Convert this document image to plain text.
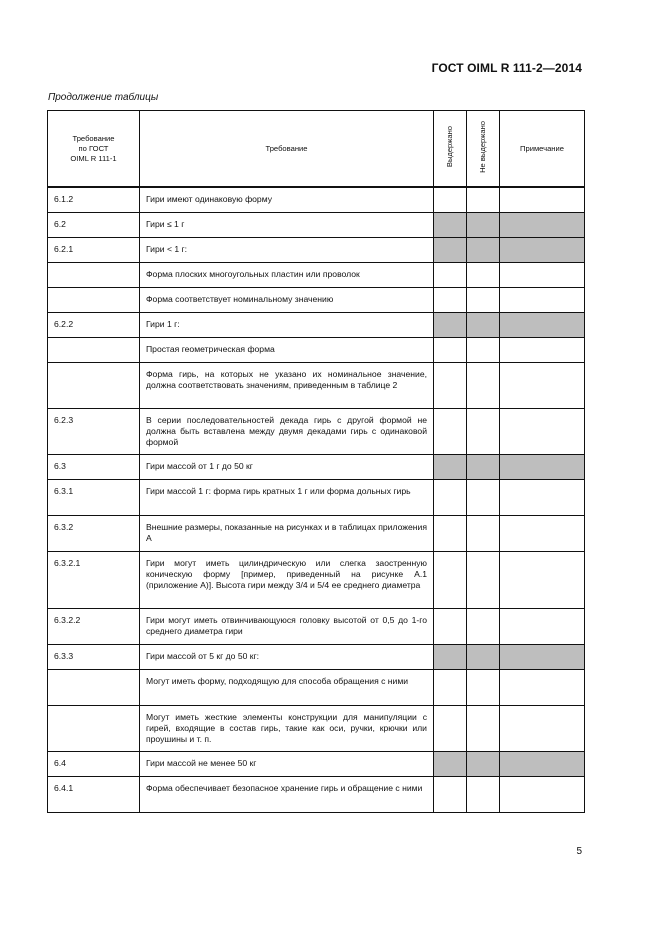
ГОСТ OIML R 111-2—2014
Продолжение таблицы
Требование
по ГОСТ
OIML R 111-1	Требование	Выдержано	Не выдержано	Примечание
6.1.2	Гири имеют одинаковую форму			
6.2	Гири ≤ 1 г			
6.2.1	Гири < 1 г:			
	Форма плоских многоугольных пластин или проволок			
	Форма соответствует номинальному значению			
6.2.2	Гири 1 г:			
	Простая геометрическая форма			
	Форма гирь, на которых не указано их номинальное значение, должна соответствовать значениям, приведенным в таблице 2			
6.2.3	В серии последовательностей декада гирь с другой формой не должна быть вставлена между двумя декадами гирь с одинаковой формой			
6.3	Гири массой от 1 г до 50 кг			
6.3.1	Гири массой 1 г: форма гирь кратных 1 г или форма дольных гирь			
6.3.2	Внешние размеры, показанные на рисунках и в таблицах приложения А			
6.3.2.1	Гири могут иметь цилиндрическую или слегка заостренную коническую форму [пример, приведенный на рисунке А.1 (приложение А)]. Высота гири между 3/4 и 5/4 ее среднего диаметра			
6.3.2.2	Гири могут иметь отвинчивающуюся головку высотой от 0,5 до 1-го среднего диаметра гири			
6.3.3	Гири массой от 5 кг до 50 кг:			
	Могут иметь форму, подходящую для способа обращения с ними			
	Могут иметь жесткие элементы конструкции для манипуляции с гирей, входящие в состав гирь, такие как оси, ручки, крючки или проушины и т. п.			
6.4	Гири массой не менее 50 кг			
6.4.1	Форма обеспечивает безопасное хранение гирь и обращение с ними			
5
